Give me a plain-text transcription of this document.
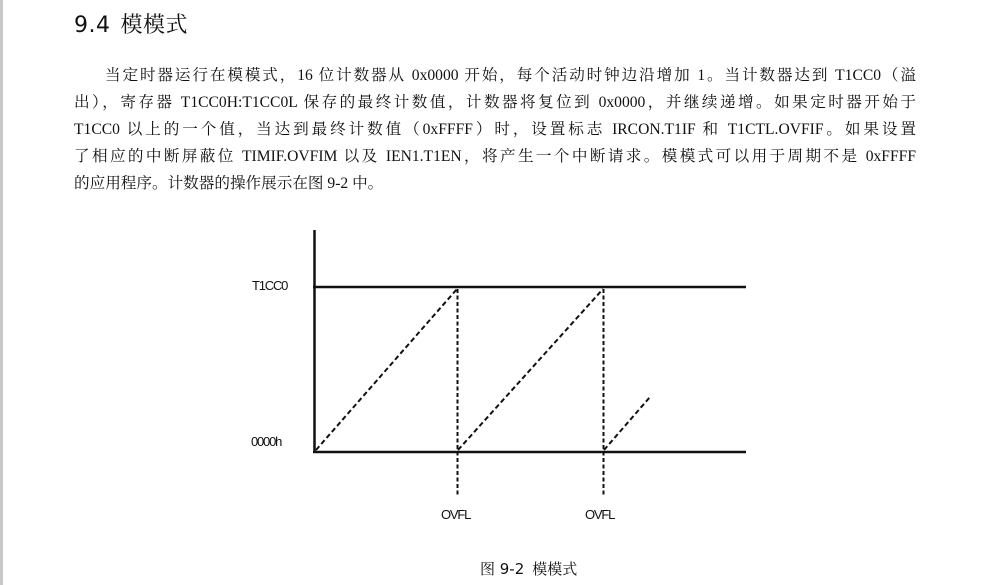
9.4 模模式
当定时器运行在模模式，16 位计数器从 0x0000 开始，每个活动时钟边沿增加 1。当计数器达到 T1CC0（溢
出），寄存器 T1CC0H:T1CC0L 保存的最终计数值，计数器将复位到 0x0000，并继续递增。如果定时器开始于
T1CC0 以上的一个值，当达到最终计数值（0xFFFF）时，设置标志 IRCON.T1IF 和 T1CTL.OVFIF。如果设置
了相应的中断屏蔽位 TIMIF.OVFIM 以及 IEN1.T1EN，将产生一个中断请求。模模式可以用于周期不是 0xFFFF
的应用程序。计数器的操作展示在图 9-2 中。
T1CC0
0000h
OVFL	OVFL
图 9-2 模模式
